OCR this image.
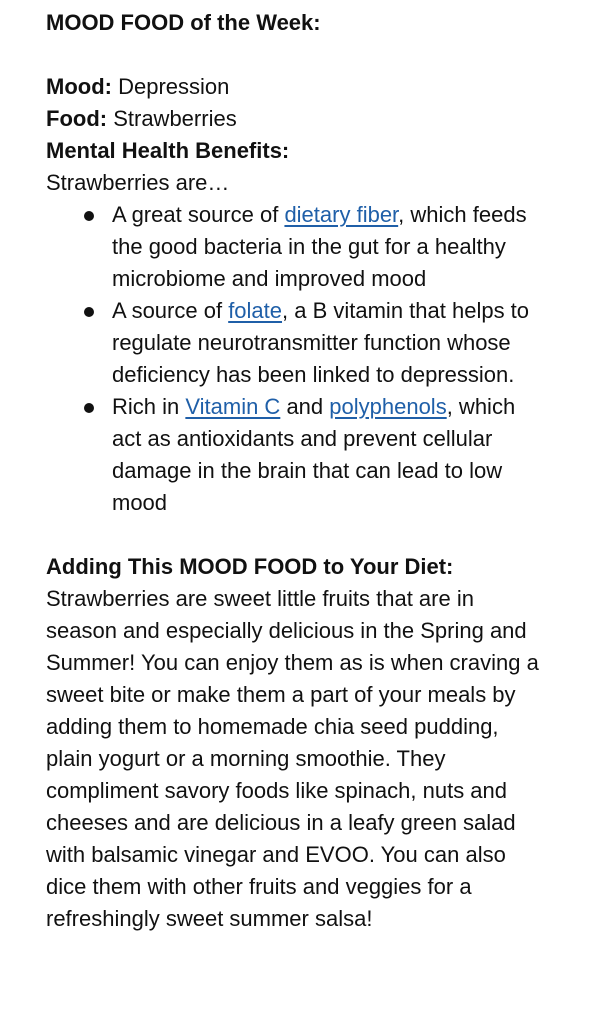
MOOD FOOD of the Week:

Mood: Depression

Food: Strawberries

Mental Health Benefits:

Strawberries are…

A great source of dietary fiber, which feeds the good bacteria in the gut for a healthy microbiome and improved mood
A source of folate, a B vitamin that helps to regulate neurotransmitter function whose deficiency has been linked to depression.
Rich in Vitamin C and polyphenols, which act as antioxidants and prevent cellular damage in the brain that can lead to low mood

Adding This MOOD FOOD to Your Diet:

Strawberries are sweet little fruits that are in season and especially delicious in the Spring and Summer! You can enjoy them as is when craving a sweet bite or make them a part of your meals by adding them to homemade chia seed pudding, plain yogurt or a morning smoothie. They compliment savory foods like spinach, nuts and cheeses and are delicious in a leafy green salad with balsamic vinegar and EVOO. You can also dice them with other fruits and veggies for a refreshingly sweet summer salsa!
